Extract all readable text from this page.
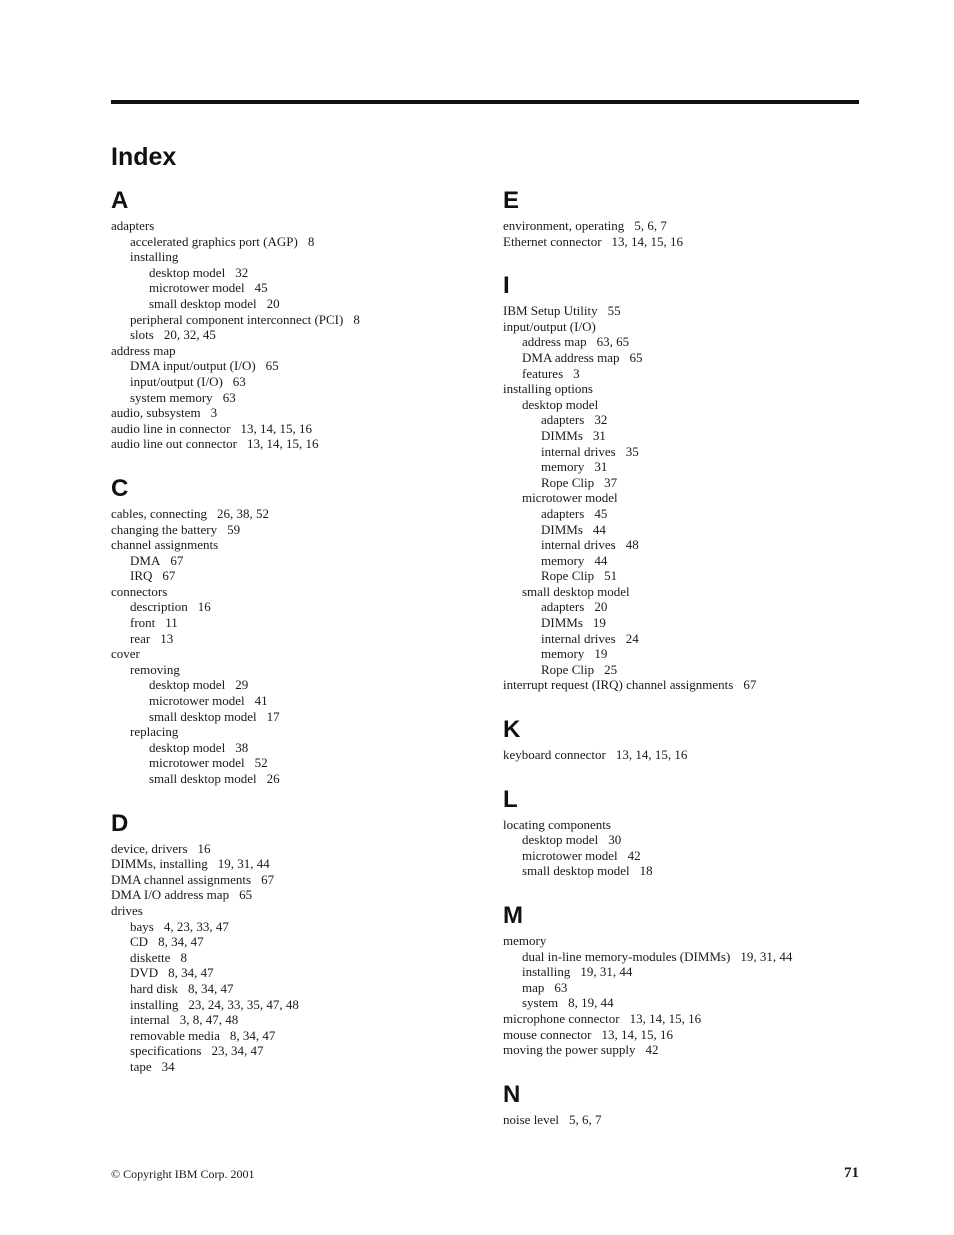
Index
A
adapters
accelerated graphics port (AGP) 8
installing
desktop model 32
microtower model 45
small desktop model 20
peripheral component interconnect (PCI) 8
slots 20, 32, 45
address map
DMA input/output (I/O) 65
input/output (I/O) 63
system memory 63
audio, subsystem 3
audio line in connector 13, 14, 15, 16
audio line out connector 13, 14, 15, 16
C
cables, connecting 26, 38, 52
changing the battery 59
channel assignments
DMA 67
IRQ 67
connectors
description 16
front 11
rear 13
cover
removing
desktop model 29
microtower model 41
small desktop model 17
replacing
desktop model 38
microtower model 52
small desktop model 26
D
device, drivers 16
DIMMs, installing 19, 31, 44
DMA channel assignments 67
DMA I/O address map 65
drives
bays 4, 23, 33, 47
CD 8, 34, 47
diskette 8
DVD 8, 34, 47
hard disk 8, 34, 47
installing 23, 24, 33, 35, 47, 48
internal 3, 8, 47, 48
removable media 8, 34, 47
specifications 23, 34, 47
tape 34
E
environment, operating 5, 6, 7
Ethernet connector 13, 14, 15, 16
I
IBM Setup Utility 55
input/output (I/O)
address map 63, 65
DMA address map 65
features 3
installing options
desktop model
adapters 32
DIMMs 31
internal drives 35
memory 31
Rope Clip 37
microtower model
adapters 45
DIMMs 44
internal drives 48
memory 44
Rope Clip 51
small desktop model
adapters 20
DIMMs 19
internal drives 24
memory 19
Rope Clip 25
interrupt request (IRQ) channel assignments 67
K
keyboard connector 13, 14, 15, 16
L
locating components
desktop model 30
microtower model 42
small desktop model 18
M
memory
dual in-line memory-modules (DIMMs) 19, 31, 44
installing 19, 31, 44
map 63
system 8, 19, 44
microphone connector 13, 14, 15, 16
mouse connector 13, 14, 15, 16
moving the power supply 42
N
noise level 5, 6, 7
© Copyright IBM Corp. 2001	71
